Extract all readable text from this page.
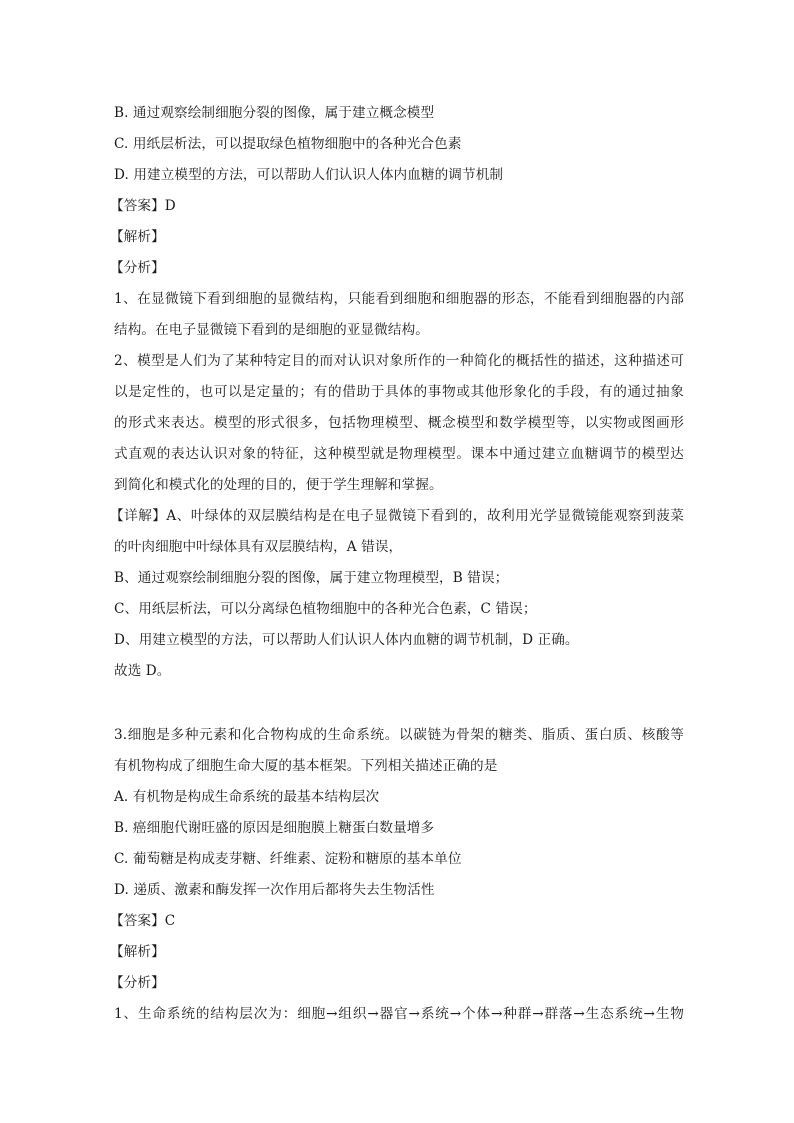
B. 通过观察绘制细胞分裂的图像，属于建立概念模型
C. 用纸层析法，可以提取绿色植物细胞中的各种光合色素
D. 用建立模型的方法，可以帮助人们认识人体内血糖的调节机制
【答案】D
【解析】
【分析】
1、在显微镜下看到细胞的显微结构，只能看到细胞和细胞器的形态，不能看到细胞器的内部
结构。在电子显微镜下看到的是细胞的亚显微结构。
2、模型是人们为了某种特定目的而对认识对象所作的一种简化的概括性的描述，这种描述可
以是定性的，也可以是定量的；有的借助于具体的事物或其他形象化的手段，有的通过抽象
的形式来表达。模型的形式很多，包括物理模型、概念模型和数学模型等，以实物或图画形
式直观的表达认识对象的特征，这种模型就是物理模型。课本中通过建立血糖调节的模型达
到简化和模式化的处理的目的，便于学生理解和掌握。
【详解】A、叶绿体的双层膜结构是在电子显微镜下看到的，故利用光学显微镜能观察到菠菜
的叶肉细胞中叶绿体具有双层膜结构，A 错误，
B、通过观察绘制细胞分裂的图像，属于建立物理模型，B 错误；
C、用纸层析法，可以分离绿色植物细胞中的各种光合色素，C 错误；
D、用建立模型的方法，可以帮助人们认识人体内血糖的调节机制，D 正确。
故选 D。
3.细胞是多种元素和化合物构成的生命系统。以碳链为骨架的糖类、脂质、蛋白质、核酸等
有机物构成了细胞生命大厦的基本框架。下列相关描述正确的是
A. 有机物是构成生命系统的最基本结构层次
B. 癌细胞代谢旺盛的原因是细胞膜上糖蛋白数量增多
C. 葡萄糖是构成麦芽糖、纤维素、淀粉和糖原的基本单位
D. 递质、激素和酶发挥一次作用后都将失去生物活性
【答案】C
【解析】
【分析】
1、生命系统的结构层次为：细胞→组织→器官→系统→个体→种群→群落→生态系统→生物
